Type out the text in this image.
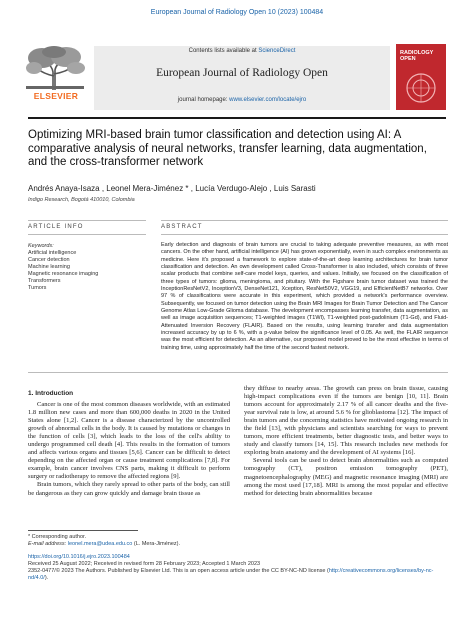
European Journal of Radiology Open 10 (2023) 100484
ELSEVIER
Contents lists available at ScienceDirect
European Journal of Radiology Open
journal homepage: www.elsevier.com/locate/ejro
RADIOLOGY OPEN
Optimizing MRI-based brain tumor classification and detection using AI: A comparative analysis of neural networks, transfer learning, data augmentation, and the cross-transformer network
Andrés Anaya-Isaza , Leonel Mera-Jiménez * , Lucía Verdugo-Alejo , Luis Sarasti
Indigo Research, Bogotá 410010, Colombia
ARTICLE INFO	ABSTRACT
Keywords:
Artificial intelligence
Cancer detection
Machine learning
Magnetic resonance imaging
Transformers
Tumors
Early detection and diagnosis of brain tumors are crucial to taking adequate preventive measures, as with most cancers. On the other hand, artificial intelligence (AI) has grown exponentially, even in such complex environments as medicine. Here it's proposed a framework to explore state-of-the-art deep learning architectures for brain tumor classification and detection. An own development called Cross-Transformer is also included, which consists of three scalar products that combine self-care model keys, queries, and values. Initially, we focused on the classification of three types of tumors: glioma, meningioma, and pituitary. With the Figshare brain tumor dataset was trained the InceptionResNetV2, InceptionV3, DenseNet121, Xception, ResNet50V2, VGG19, and EfficientNetB7 networks. Over 97 % of classifications were accurate in this experiment, which provided a network's performance overview. Subsequently, we focused on tumor detection using the Brain MRI Images for Brain Tumor Detection and The Cancer Genome Atlas Low-Grade Glioma database. The development encompasses learning transfer, data augmentation, as well as image acquisition sequences; T1-weighted images (T1WI), T1-weighted post-gadolinium (T1-Gd), and Fluid-Attenuated Inversion Recovery (FLAIR). Based on the results, using learning transfer and data augmentation increased accuracy by up to 6 %, with a p-value below the significance level of 0.05. As well, the FLAIR sequence was the most efficient for detection. As an alternative, our proposed model proved to be the most effective in terms of training time, using approximately half the time of the second fastest network.
1. Introduction

Cancer is one of the most common diseases worldwide, with an estimated 1.8 million new cases and more than 600,000 deaths in 2020 in the United States alone [1,2]. Cancer is a disease characterized by the uncontrolled growth of abnormal cells in the body. It is caused by mutations or changes in the function of cells [3], which leads to the loss of the cell's ability to undergo programmed cell death [4]. This results in the formation of tumors and affects various organs and tissues [5,6]. Cancer can be difficult to detect depending on the affected organ or cause treatment complications [7,8]. For example, brain cancer involves CNS parts, making it difficult to perform surgery or radiotherapy to remove the affected regions [9].

Brain tumors, which they rarely spread to other parts of the body, can still be dangerous as they can grow quickly and damage brain tissue as

they diffuse to nearby areas. The growth can press on brain tissue, causing high-impact complications even if the tumors are benign [10, 11]. Brain tumors account for approximately 2.17 % of all cancer deaths and the five-year survival rate is low, at around 5.6 % for glioblastoma [12]. The impact of brain tumors and the concerning statistics have motivated ongoing research in the field [13], with physicians and scientists searching for ways to prevent tumors, more efficient treatments, better diagnostic tests, and better ways to study and classify tumors [14, 15]. This research includes new methods for exploring brain anatomy and the development of AI systems [16].

Several tools can be used to detect brain abnormalities such as computed tomography (CT), positron emission tomography (PET), magnetoencephalography (MEG) and magnetic resonance imaging (MRI) are among the most used [17,18]. MRI is among the most popular and effective method for detecting brain abnormalities because

* Corresponding author.
E-mail address: leonel.mera@udea.edu.co (L. Mera-Jiménez).
https://doi.org/10.1016/j.ejro.2023.100484
Received 25 August 2022; Received in revised form 28 February 2023; Accepted 1 March 2023
2352-0477/© 2023 The Authors. Published by Elsevier Ltd. This is an open access article under the CC BY-NC-ND license (http://creativecommons.org/licenses/by-nc-nd/4.0/).
